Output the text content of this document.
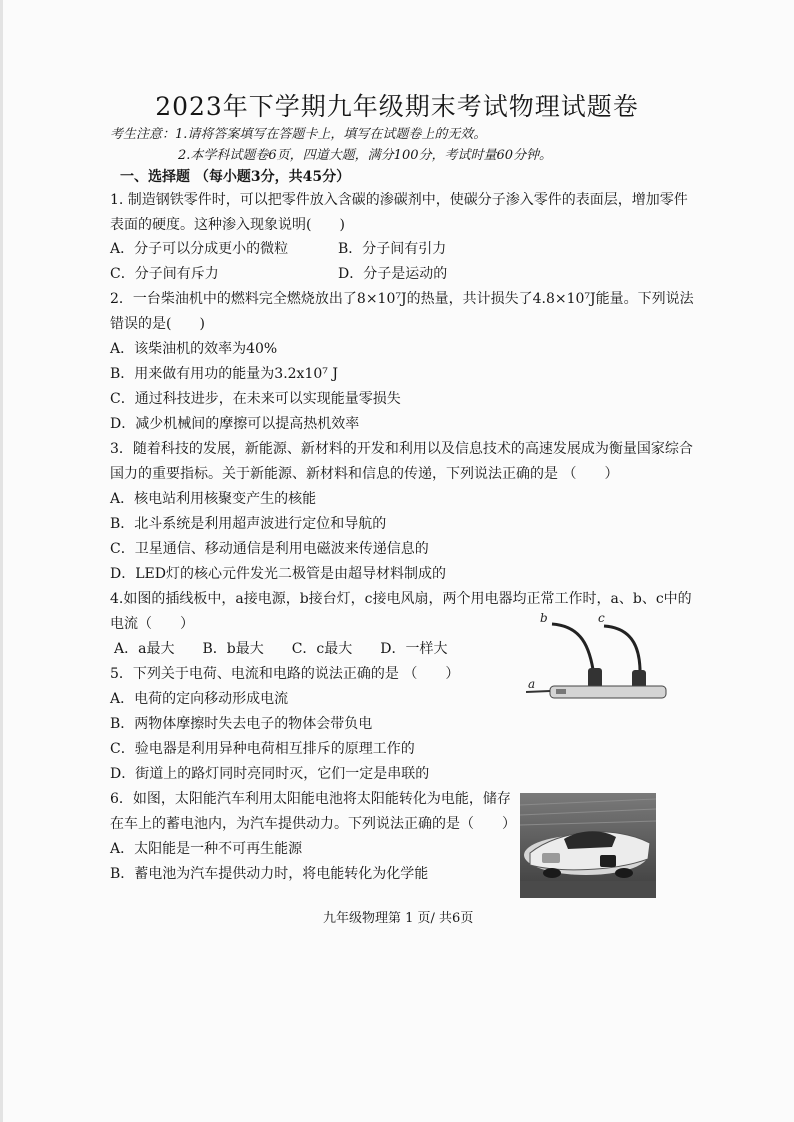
2023年下学期九年级期末考试物理试题卷
考生注意：1.请将答案填写在答题卡上，填写在试题卷上的无效。
2.本学科试题卷6页，四道大题，满分100分，考试时量60分钟。
一、选择题 （每小题3分，共45分）
1. 制造钢铁零件时，可以把零件放入含碳的渗碳剂中，使碳分子渗入零件的表面层，增加零件
表面的硬度。这种渗入现象说明(　　)
A．分子可以分成更小的微粒	B．分子间有引力
C．分子间有斥力	D．分子是运动的
2．一台柴油机中的燃料完全燃烧放出了8×10⁷J的热量，共计损失了4.8×10⁷J能量。下列说法
错误的是(　　)
A．该柴油机的效率为40%
B．用来做有用功的能量为3.2x10⁷ J
C．通过科技进步，在未来可以实现能量零损失
D．减少机械间的摩擦可以提高热机效率
3．随着科技的发展，新能源、新材料的开发和利用以及信息技术的高速发展成为衡量国家综合
国力的重要指标。关于新能源、新材料和信息的传递，下列说法正确的是 （　　）
A．核电站利用核聚变产生的核能
B．北斗系统是利用超声波进行定位和导航的
C．卫星通信、移动通信是利用电磁波来传递信息的
D．LED灯的核心元件发光二极管是由超导材料制成的
4.如图的插线板中，a接电源，b接台灯，c接电风扇，两个用电器均正常工作时，a、b、c中的
电流（　　）
A．a最大　　B．b最大　　C．c最大　　D．一样大
b	c
a
5．下列关于电荷、电流和电路的说法正确的是 （　　）
A．电荷的定向移动形成电流
B．两物体摩擦时失去电子的物体会带负电
C．验电器是利用异种电荷相互排斥的原理工作的
D．街道上的路灯同时亮同时灭，它们一定是串联的
6．如图，太阳能汽车利用太阳能电池将太阳能转化为电能，储存
在车上的蓄电池内，为汽车提供动力。下列说法正确的是（　　）
A．太阳能是一种不可再生能源
B．蓄电池为汽车提供动力时，将电能转化为化学能
九年级物理第 1 页/ 共6页
